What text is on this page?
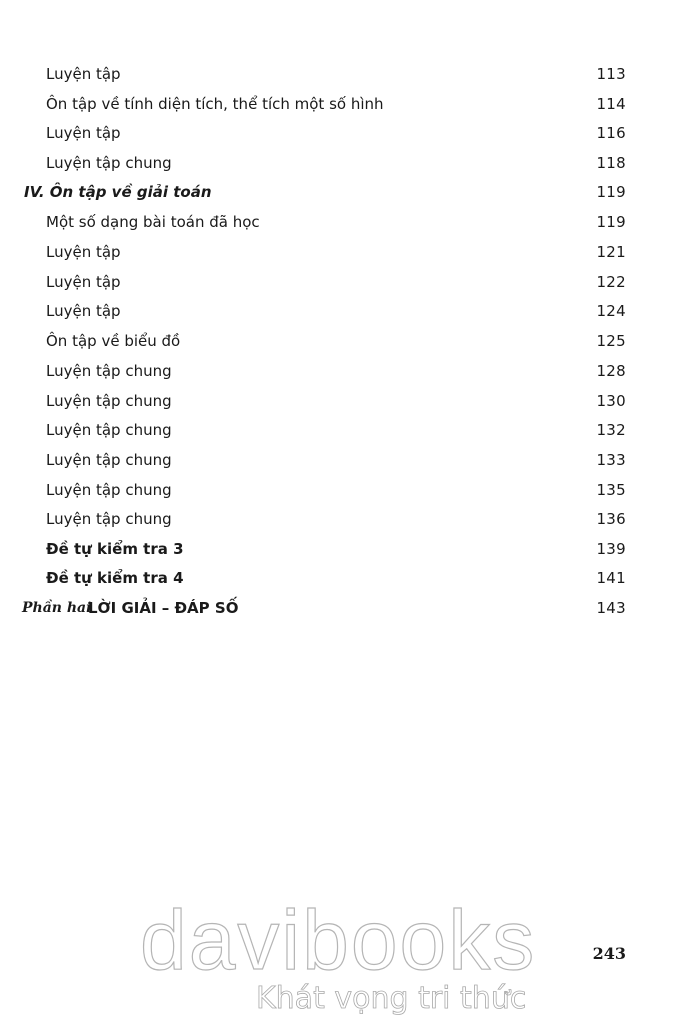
Luyện tập	113
Ôn tập về tính diện tích, thể tích một số hình	114
Luyện tập	116
Luyện tập chung	118
IV. Ôn tập về giải toán	119
Một số dạng bài toán đã học	119
Luyện tập	121
Luyện tập	122
Luyện tập	124
Ôn tập về biểu đồ	125
Luyện tập chung	128
Luyện tập chung	130
Luyện tập chung	132
Luyện tập chung	133
Luyện tập chung	135
Luyện tập chung	136
Đề tự kiểm tra 3	139
Đề tự kiểm tra 4	141
Phần hai
LỜI GIẢI – ĐÁP SỐ	143
davibooks
Khát vọng tri thức
243
